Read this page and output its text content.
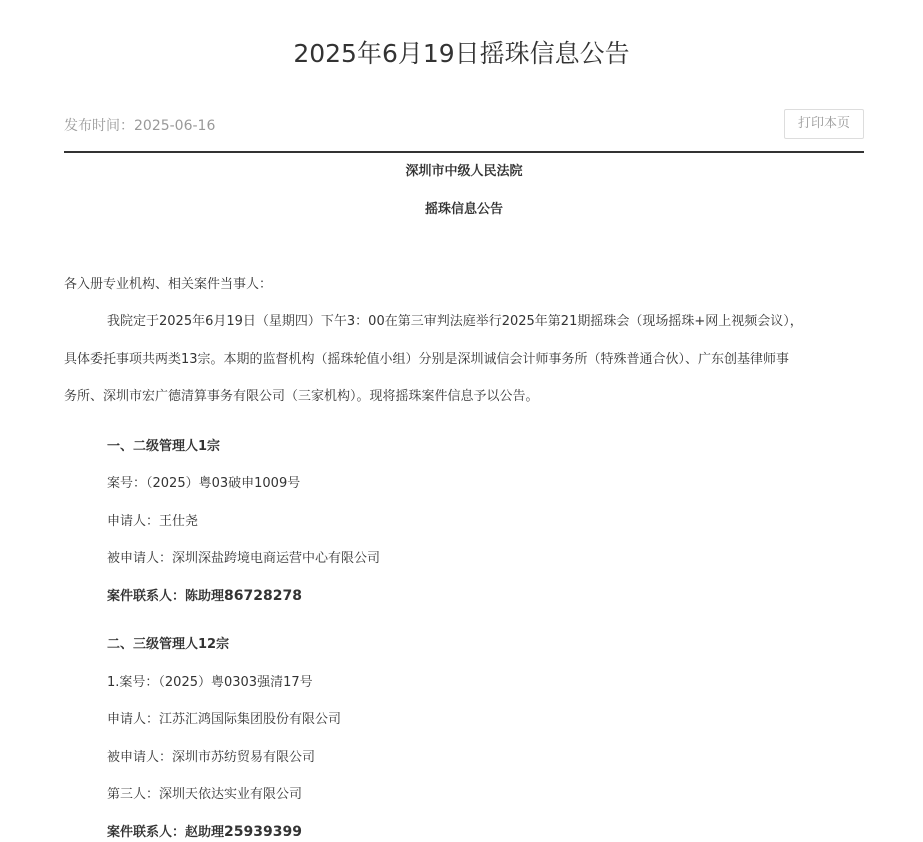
2025年6月19日摇珠信息公告
发布时间：2025-06-16	打印本页
深圳市中级人民法院
摇珠信息公告

各入册专业机构、相关案件当事人：
我院定于2025年6月19日（星期四）下午3：00在第三审判法庭举行2025年第21期摇珠会（现场摇珠+网上视频会议），
具体委托事项共两类13宗。本期的监督机构（摇珠轮值小组）分别是深圳诚信会计师事务所（特殊普通合伙）、广东创基律师事
务所、深圳市宏广德清算事务有限公司（三家机构）。现将摇珠案件信息予以公告。
一、二级管理人1宗
案号：（2025）粤03破申1009号
申请人：王仕尧
被申请人：深圳深盐跨境电商运营中心有限公司
案件联系人：陈助理86728278
二、三级管理人12宗
1.案号：（2025）粤0303强清17号
申请人：江苏汇鸿国际集团股份有限公司
被申请人：深圳市苏纺贸易有限公司
第三人：深圳天依达实业有限公司
案件联系人：赵助理25939399
